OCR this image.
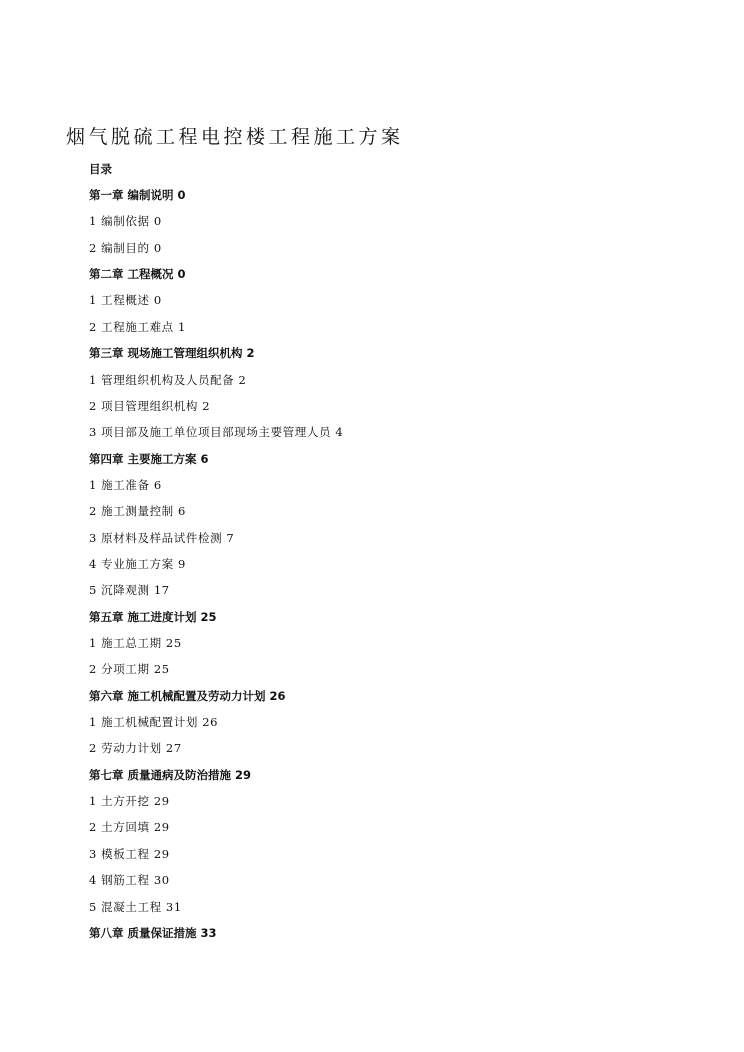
烟气脱硫工程电控楼工程施工方案
目录
第一章 编制说明 0
1 编制依据 0
2 编制目的 0
第二章 工程概况 0
1 工程概述 0
2 工程施工难点 1
第三章 现场施工管理组织机构 2
1 管理组织机构及人员配备 2
2 项目管理组织机构 2
3 项目部及施工单位项目部现场主要管理人员 4
第四章 主要施工方案 6
1 施工准备 6
2 施工测量控制 6
3 原材料及样品试件检测 7
4 专业施工方案 9
5 沉降观测 17
第五章 施工进度计划 25
1 施工总工期 25
2 分项工期 25
第六章 施工机械配置及劳动力计划 26
1 施工机械配置计划 26
2 劳动力计划 27
第七章 质量通病及防治措施 29
1 土方开挖 29
2 土方回填 29
3 模板工程 29
4 钢筋工程 30
5 混凝土工程 31
第八章 质量保证措施 33
